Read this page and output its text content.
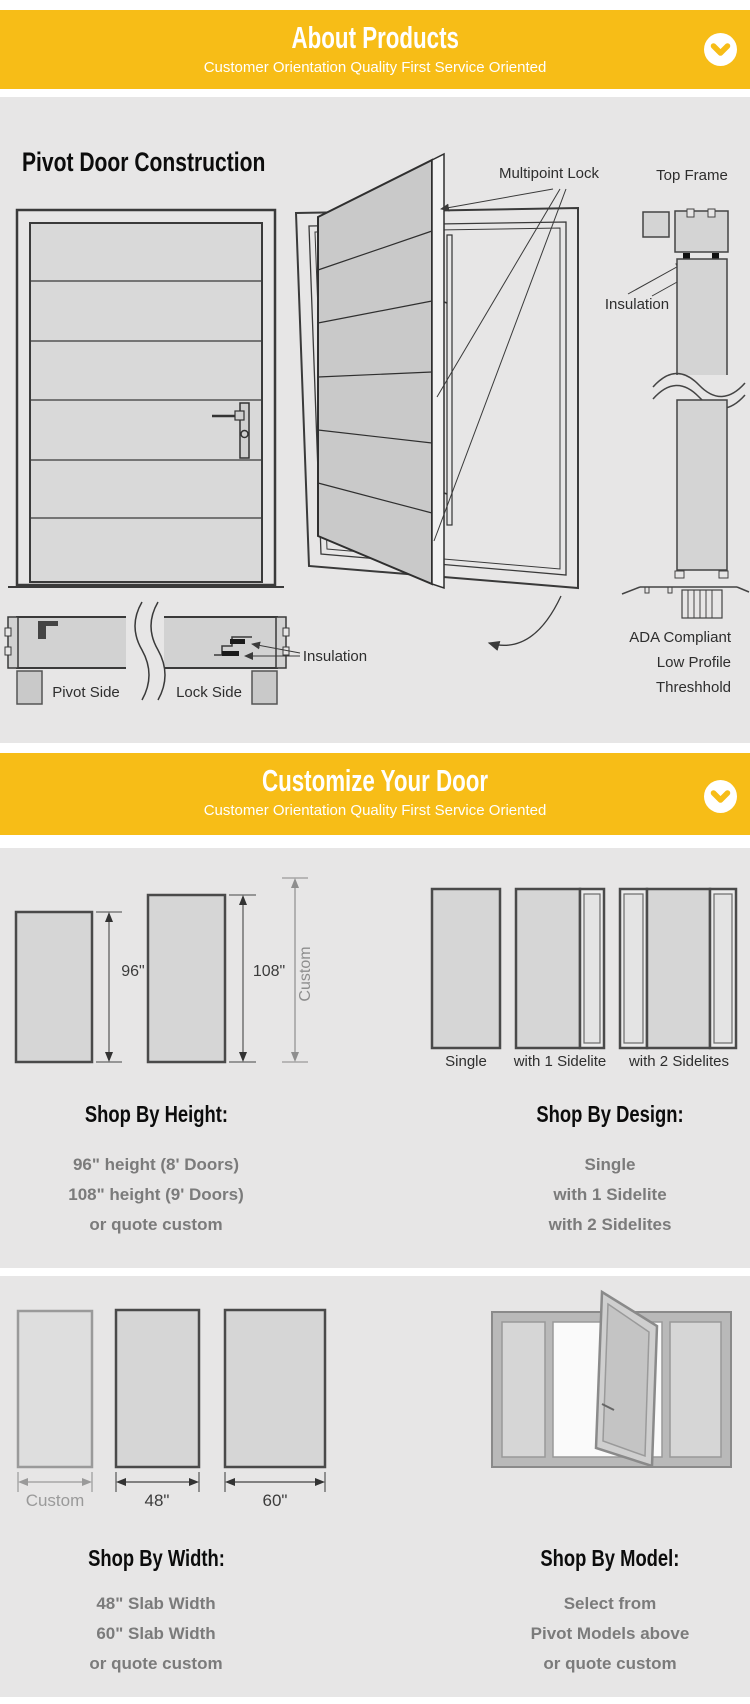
About Products
Customer Orientation Quality First Service Oriented
Pivot Door Construction	Multipoint Lock	Top Frame
Insulation
Insulation
Pivot Side	Lock Side
ADA Compliant
Low Profile
Threshhold
Customize Your Door
Customer Orientation Quality First Service Oriented
96"	108" Custom
Single	with 1 Sidelite	with 2 Sidelites
Shop By Height:
96" height (8' Doors)
108" height (9' Doors)
or quote custom
Shop By Design:
Single
with 1 Sidelite
with 2 Sidelites
Custom	48"	60"
Shop By Width:
48" Slab Width
60" Slab Width
or quote custom
Shop By Model:
Select from
Pivot Models above
or quote custom
